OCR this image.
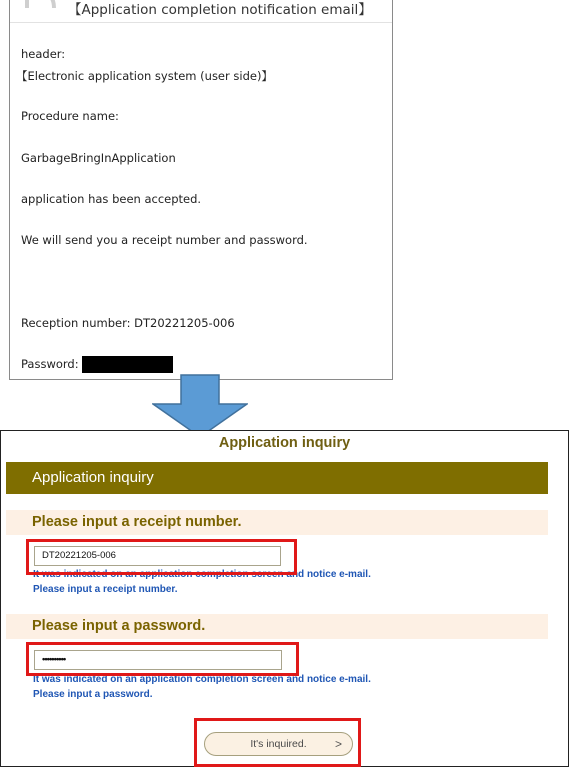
【Application completion notification email】
header:
【Electronic application system (user side)】
Procedure name:
GarbageBringInApplication
application has been accepted.
We will send you a receipt number and password.
Reception number: DT20221205-006
Password:
Application inquiry
Application inquiry
Please input a receipt number.
DT20221205-006
It was indicated on an application completion screen and notice e-mail.
Please input a receipt number.
Please input a password.
••••••••••
It was indicated on an application completion screen and notice e-mail.
Please input a password.
It's inquired. >
